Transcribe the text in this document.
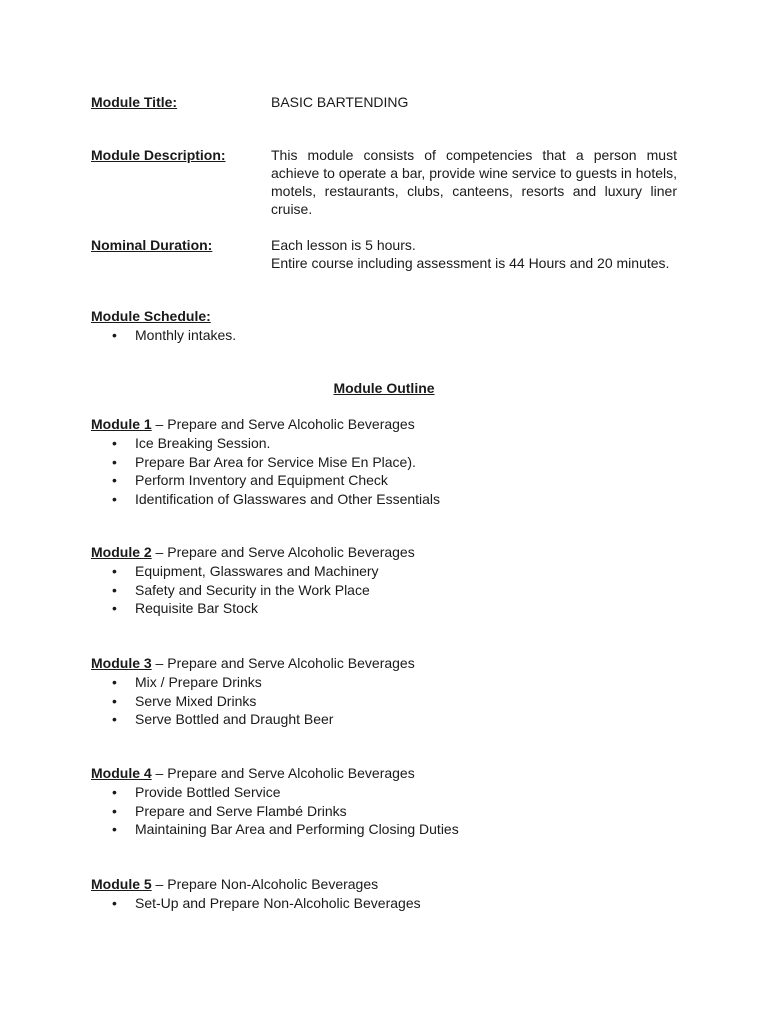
Module Title:	BASIC BARTENDING
Module Description:	This module consists of competencies that a person must achieve to operate a bar, provide wine service to guests in hotels, motels, restaurants, clubs, canteens, resorts and luxury liner cruise.
Nominal Duration:	Each lesson is 5 hours.
Entire course including assessment is 44 Hours and 20 minutes.
Module Schedule:
• Monthly intakes.
Module Outline
Module 1 – Prepare and Serve Alcoholic Beverages
• Ice Breaking Session.
• Prepare Bar Area for Service Mise En Place).
• Perform Inventory and Equipment Check
• Identification of Glasswares and Other Essentials
Module 2 – Prepare and Serve Alcoholic Beverages
• Equipment, Glasswares and Machinery
• Safety and Security in the Work Place
• Requisite Bar Stock
Module 3 – Prepare and Serve Alcoholic Beverages
• Mix / Prepare Drinks
• Serve Mixed Drinks
• Serve Bottled and Draught Beer
Module 4 – Prepare and Serve Alcoholic Beverages
• Provide Bottled Service
• Prepare and Serve Flambé Drinks
• Maintaining Bar Area and Performing Closing Duties
Module 5 – Prepare Non-Alcoholic Beverages
• Set-Up and Prepare Non-Alcoholic Beverages
